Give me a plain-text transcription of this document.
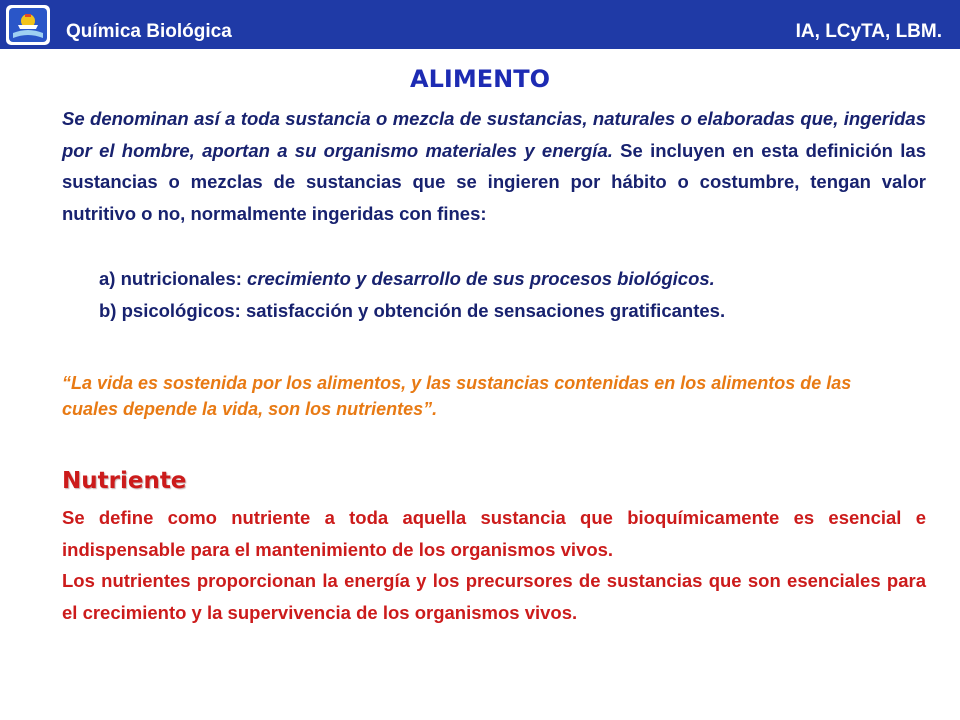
Química Biológica	IA, LCyTA, LBM.
ALIMENTO

Se denominan así a toda sustancia o mezcla de sustancias, naturales o elaboradas que, ingeridas por el hombre, aportan a su organismo materiales y energía. Se incluyen en esta definición las sustancias o mezclas de sustancias que se ingieren por hábito o costumbre, tengan valor nutritivo o no, normalmente ingeridas con fines:

a) nutricionales: crecimiento y desarrollo de sus procesos biológicos.

b) psicológicos: satisfacción y obtención de sensaciones gratificantes.

“La vida es sostenida por los alimentos, y las sustancias contenidas en los alimentos de las cuales depende la vida, son los nutrientes”.

Nutriente

Se define como nutriente a toda aquella sustancia que bioquímicamente es esencial e indispensable para el mantenimiento de los organismos vivos.

Los nutrientes proporcionan la energía y los precursores de sustancias que son esenciales para el crecimiento y la supervivencia de los organismos vivos.
